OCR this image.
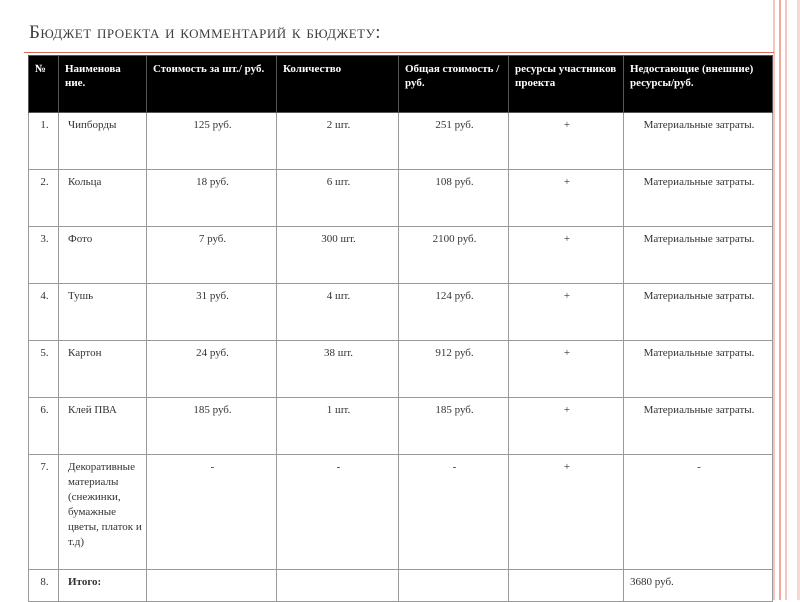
Бюджет проекта и комментарий к бюджету:
№	Наименова ние.	Стоимость за шт./ руб.	Количество	Общая стоимость /руб.	ресурсы участников проекта	Недостающие (внешние) ресурсы/руб.
1.	Чипборды	125 руб.	2 шт.	251 руб.	+	Материальные затраты.
2.	Кольца	18 руб.	6 шт.	108 руб.	+	Материальные затраты.
3.	Фото	7 руб.	300 шт.	2100 руб.	+	Материальные затраты.
4.	Тушь	31 руб.	4 шт.	124 руб.	+	Материальные затраты.
5.	Картон	24 руб.	38 шт.	912 руб.	+	Материальные затраты.
6.	Клей ПВА	185 руб.	1 шт.	185 руб.	+	Материальные затраты.
7.	Декоративные материалы (снежинки, бумажные цветы, платок и т.д)	-	-	-	+	-
8.	Итого:					3680 руб.
